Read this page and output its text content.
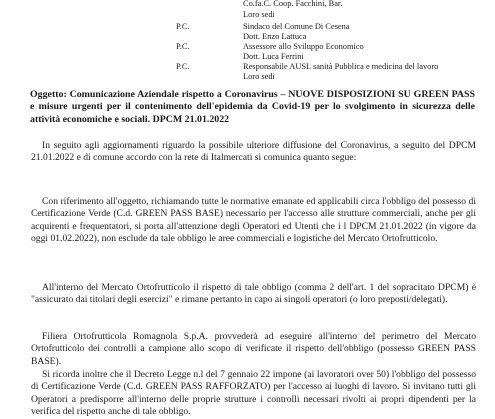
Co.fa.C. Coop. Facchini, Bar.
Loro sedi
P.C.	Sindaco del Comune Di Cesena
Dott. Enzo Lattuca
P.C.	Assessore allo Sviluppo Economico
Dott. Luca Ferrini
P.C.	Responsabile AUSL sanità Pubblica e medicina del lavoro
Loro sedi
Oggetto: Comunicazione Aziendale rispetto a Coronavirus – NUOVE DISPOSIZIONI SU GREEN PASS e misure urgenti per il contenimento dell'epidemia da Covid-19 per lo svolgimento in sicurezza delle attività economiche e sociali. DPCM 21.01.2022

In seguito agli aggiornamenti riguardo la possibile ulteriore diffusione del Coronavirus, a seguito del DPCM 21.01.2022 e di comune accordo con la rete di Italmercati si comunica quanto segue:

Con riferimento all'oggetto, richiamando tutte le normative emanate ed applicabili circa l'obbligo del possesso di Certificazione Verde (C.d. GREEN PASS BASE) necessario per l'accesso alle strutture commerciali, anche per gli acquirenti e frequentatori, si porta all'attenzione degli Operatori ed Utenti che i l DPCM 21.01.2022 (in vigore da oggi 01.02.2022), non esclude da tale obbligo le aree commerciali e logistiche del Mercato Ortofrutticolo.

All'interno del Mercato Ortofrutticolo il rispetto di tale obbligo (comma 2 dell'art. 1 del sopracitato DPCM) è "assicurato dai titolari degli esercizi" e rimane pertanto in capo ai singoli operatori (o loro preposti/delegati).

Filiera Ortofrutticola Romagnola S.p.A. provvederà ad eseguire all'interno del perimetro del Mercato Ortofrutticolo dei controlli a campione allo scopo di verificate il rispetto dell'obbligo (possesso GREEN PASS BASE).

Si ricorda inoltre che il Decreto Legge n.l del 7 gennaio 22 impone (ai lavoratori over 50) l'obbligo del possesso di Certificazione Verde (C.d. GREEN PASS RAFFORZATO) per l'accesso ai luoghi di lavoro. Si invitano tutti gli Operatori a predisporre all'interno delle proprie strutture i controlli necessari rivolti ai propri dipendenti per la verifica del rispetto anche di tale obbligo.
